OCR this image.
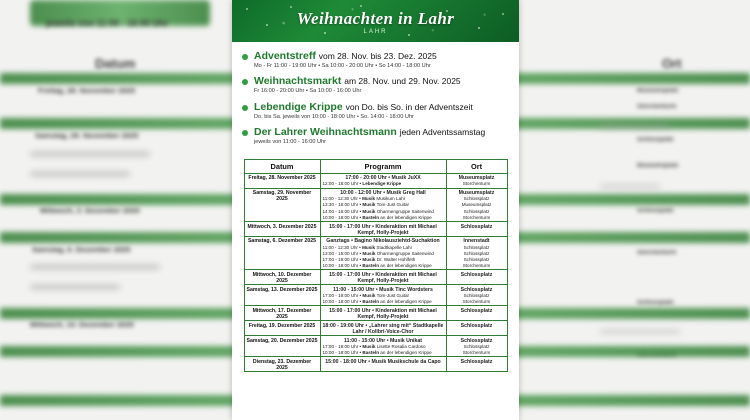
jeweils von 11:00 - 16:00 Uhr
Datum	Ort
Freitag, 28. November 2025
Samstag, 29. November 2025
Mittwoch, 3. Dezember 2025
Samstag, 6. Dezember 2025
Mittwoch, 10. Dezember 2025
Museumsplatz
Storchenturm
Schlossplatz
Museumsplatz
Schlossplatz
Storchenturm
Schlossplatz
Weihnachten in Lahr
LAHR
Adventstreff vom 28. Nov. bis 23. Dez. 2025
Mo - Fr 11:00 - 19:00 Uhr • Sa 10:00 - 20:00 Uhr • So 14:00 - 18:00 Uhr
Weihnachtsmarkt am 28. Nov. und 29. Nov. 2025
Fr 16:00 - 20:00 Uhr • Sa 10:00 - 16:00 Uhr
Lebendige Krippe von Do. bis So. in der Adventszeit
Do. bis Sa. jeweils von 10:00 - 18:00 Uhr • So. 14:00 - 18:00 Uhr
Der Lahrer Weihnachtsmann jeden Adventssamstag
jeweils von 11:00 - 16:00 Uhr
Datum	Programm	Ort
Freitag, 28. November 2025	17:00 - 20:00 Uhr • Musik JuXX	Museumsplatz
	12:00 - 18:00 Uhr • Lebendige Krippe	Storchenturm
Samstag, 29. November 2025	10:00 - 12:00 Uhr • Musik Greg Hall	Museumsplatz
	11:00 - 12:30 Uhr • Musik Musikum Lahr	Schlossplatz
	13:30 - 16:00 Uhr • Musik Tom-Just Guitar	Museumsplatz
	14:00 - 16:00 Uhr • Musik Oharmengruppe Saitenwind	Schlossplatz
	10:00 - 18:00 Uhr • Basteln an der lebendigen Krippe	Storchenturm
Mittwoch, 3. Dezember 2025	15:00 - 17:00 Uhr • Kinderaktion mit Michael Kempf, Holly-Projekt	Schlossplatz
Samstag, 6. Dezember 2025	Ganztags • Bagino Nikolausziehtd-Suchaktion	Innenstadt
	11:00 - 12:30 Uhr • Musik Stadtkapelle Lahr	Schlossplatz
	13:00 - 15:00 Uhr • Musik Oharmengruppe Saitenwind	Schlossplatz
	17:00 - 19:00 Uhr • Musik Dr. Walter Hohlfeth	Schlossplatz
	10:00 - 18:00 Uhr • Basteln an der lebendigen Krippe	Storchenturm
Mittwoch, 10. Dezember 2025	15:00 - 17:00 Uhr • Kinderaktion mit Michael Kempf, Holly-Projekt	Schlossplatz
Samstag, 13. Dezember 2025	11:00 - 15:00 Uhr • Musik Tinc Wordsters	Schlossplatz
	17:00 - 19:00 Uhr • Musik Tom-Just Guitar	Schlossplatz
	10:00 - 18:00 Uhr • Basteln an der lebendigen Krippe	Storchenturm
Mittwoch, 17. Dezember 2025	15:00 - 17:00 Uhr • Kinderaktion mit Michael Kempf, Holly-Projekt	Schlossplatz
Freitag, 19. Dezember 2025	18:00 - 19:00 Uhr • „Lahrer sing mit“ Stadtkapelle Lahr / Kolibri-Voice-Chor	Schlossplatz
Samstag, 20. Dezember 2025	11:00 - 15:00 Uhr • Musik Unikat	Schlossplatz
	17:00 - 19:00 Uhr • Musik Lisette Rosalia Cardoso	Schlossplatz
	10:00 - 18:00 Uhr • Basteln an der lebendigen Krippe	Storchenturm
Dienstag, 23. Dezember 2025	15:00 - 18:00 Uhr • Musik Musikschule da Capo	Schlossplatz
